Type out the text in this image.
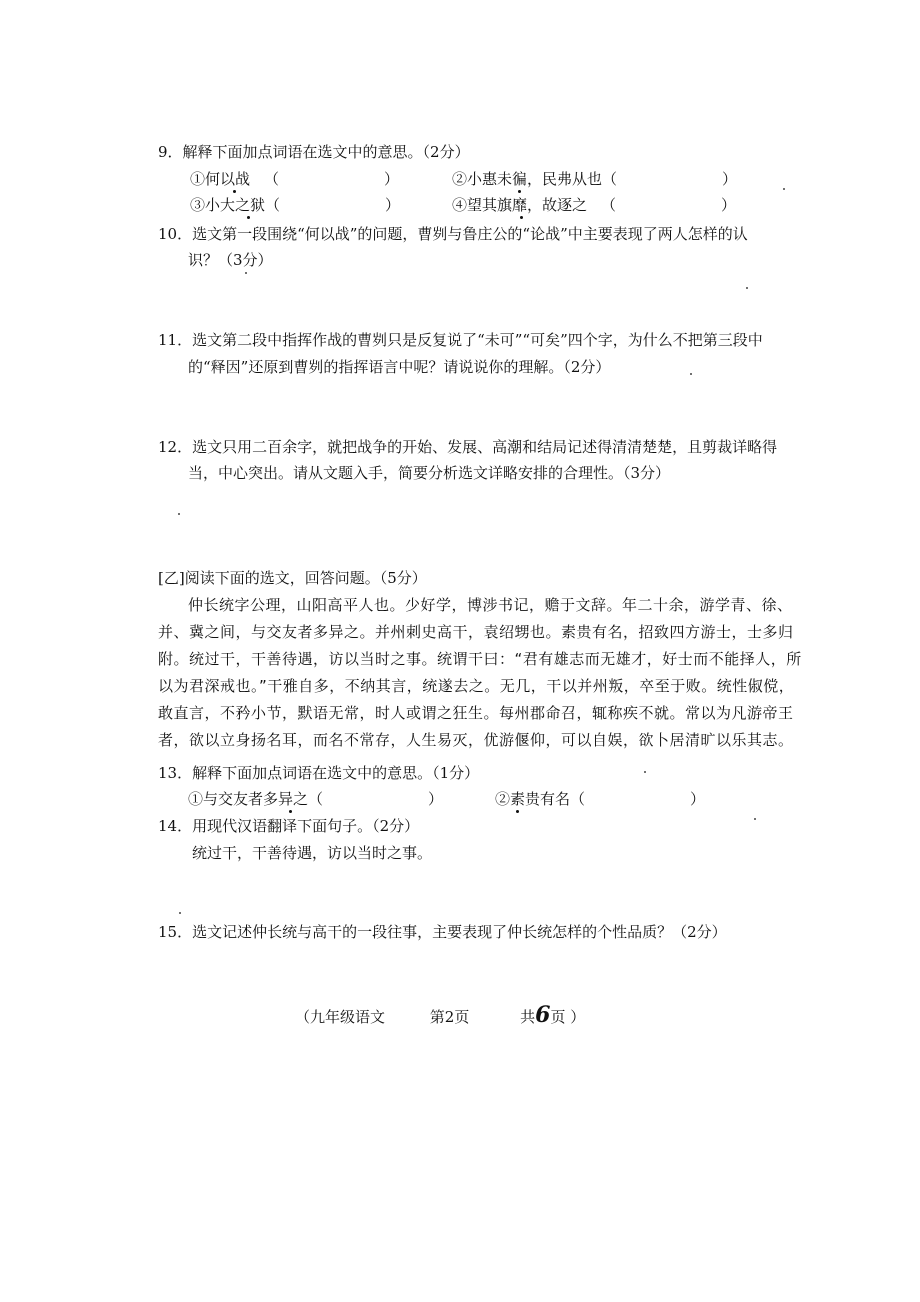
9．解释下面加点词语在选文中的意思。（2分）
①何以战 （　　　　　　　）	②小惠未徧，民弗从也（　　　　　　　）
③小大之狱（　　　　　　　）	④望其旗靡，故逐之 （　　　　　　　）
10．选文第一段围绕“何以战”的问题，曹刿与鲁庄公的“论战”中主要表现了两人怎样的认
识？（3分）
11．选文第二段中指挥作战的曹刿只是反复说了“未可”“可矣”四个字，为什么不把第三段中
的“释因”还原到曹刿的指挥语言中呢？请说说你的理解。（2分）
12．选文只用二百余字，就把战争的开始、发展、高潮和结局记述得清清楚楚，且剪裁详略得
当，中心突出。请从文题入手，简要分析选文详略安排的合理性。（3分）
[乙]阅读下面的选文，回答问题。（5分）
仲长统字公理，山阳高平人也。少好学，博涉书记，赡于文辞。年二十余，游学青、徐、
并、冀之间，与交友者多异之。并州刺史高干，袁绍甥也。素贵有名，招致四方游士，士多归
附。统过干，干善待遇，访以当时之事。统谓干曰：“君有雄志而无雄才，好士而不能择人，所
以为君深戒也。”干雅自多，不纳其言，统遂去之。无几，干以并州叛，卒至于败。统性俶傥，
敢直言，不矜小节，默语无常，时人或谓之狂生。每州郡命召，辄称疾不就。常以为凡游帝王
者，欲以立身扬名耳，而名不常存，人生易灭，优游偃仰，可以自娱，欲卜居清旷以乐其志。
13．解释下面加点词语在选文中的意思。（1分）
①与交友者多异之（　　　　　　　）	②素贵有名（　　　　　　　）
14．用现代汉语翻译下面句子。（2分）
统过干，干善待遇，访以当时之事。
15．选文记述仲长统与高干的一段往事，主要表现了仲长统怎样的个性品质？（2分）
（九年级语文	第2页	共6页 ）
